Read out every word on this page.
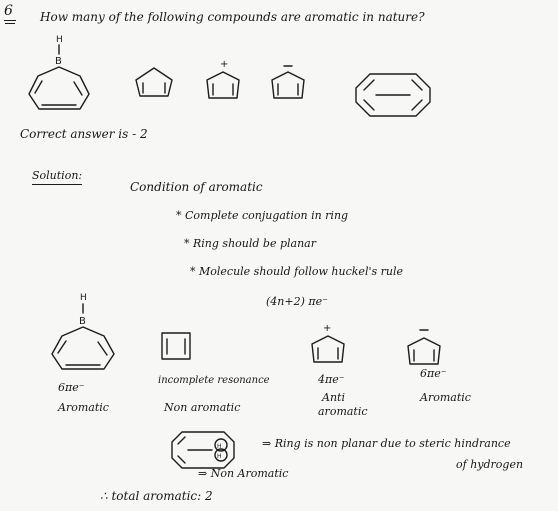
6 How many of the following compounds are aromatic in nature?
H
B	+
Correct answer is - 2
Solution:
Condition of aromatic
* Complete conjugation in ring
* Ring should be planar
* Molecule should follow huckel's rule
(4n+2) πe⁻
H
B
+
6πe⁻
Aromatic
incomplete resonance
Non aromatic
4πe⁻
Anti
aromatic
6πe⁻
Aromatic
H
H
⇒ Ring is non planar due to steric hindrance
of hydrogen
⇒ Non Aromatic
∴ total aromatic: 2
